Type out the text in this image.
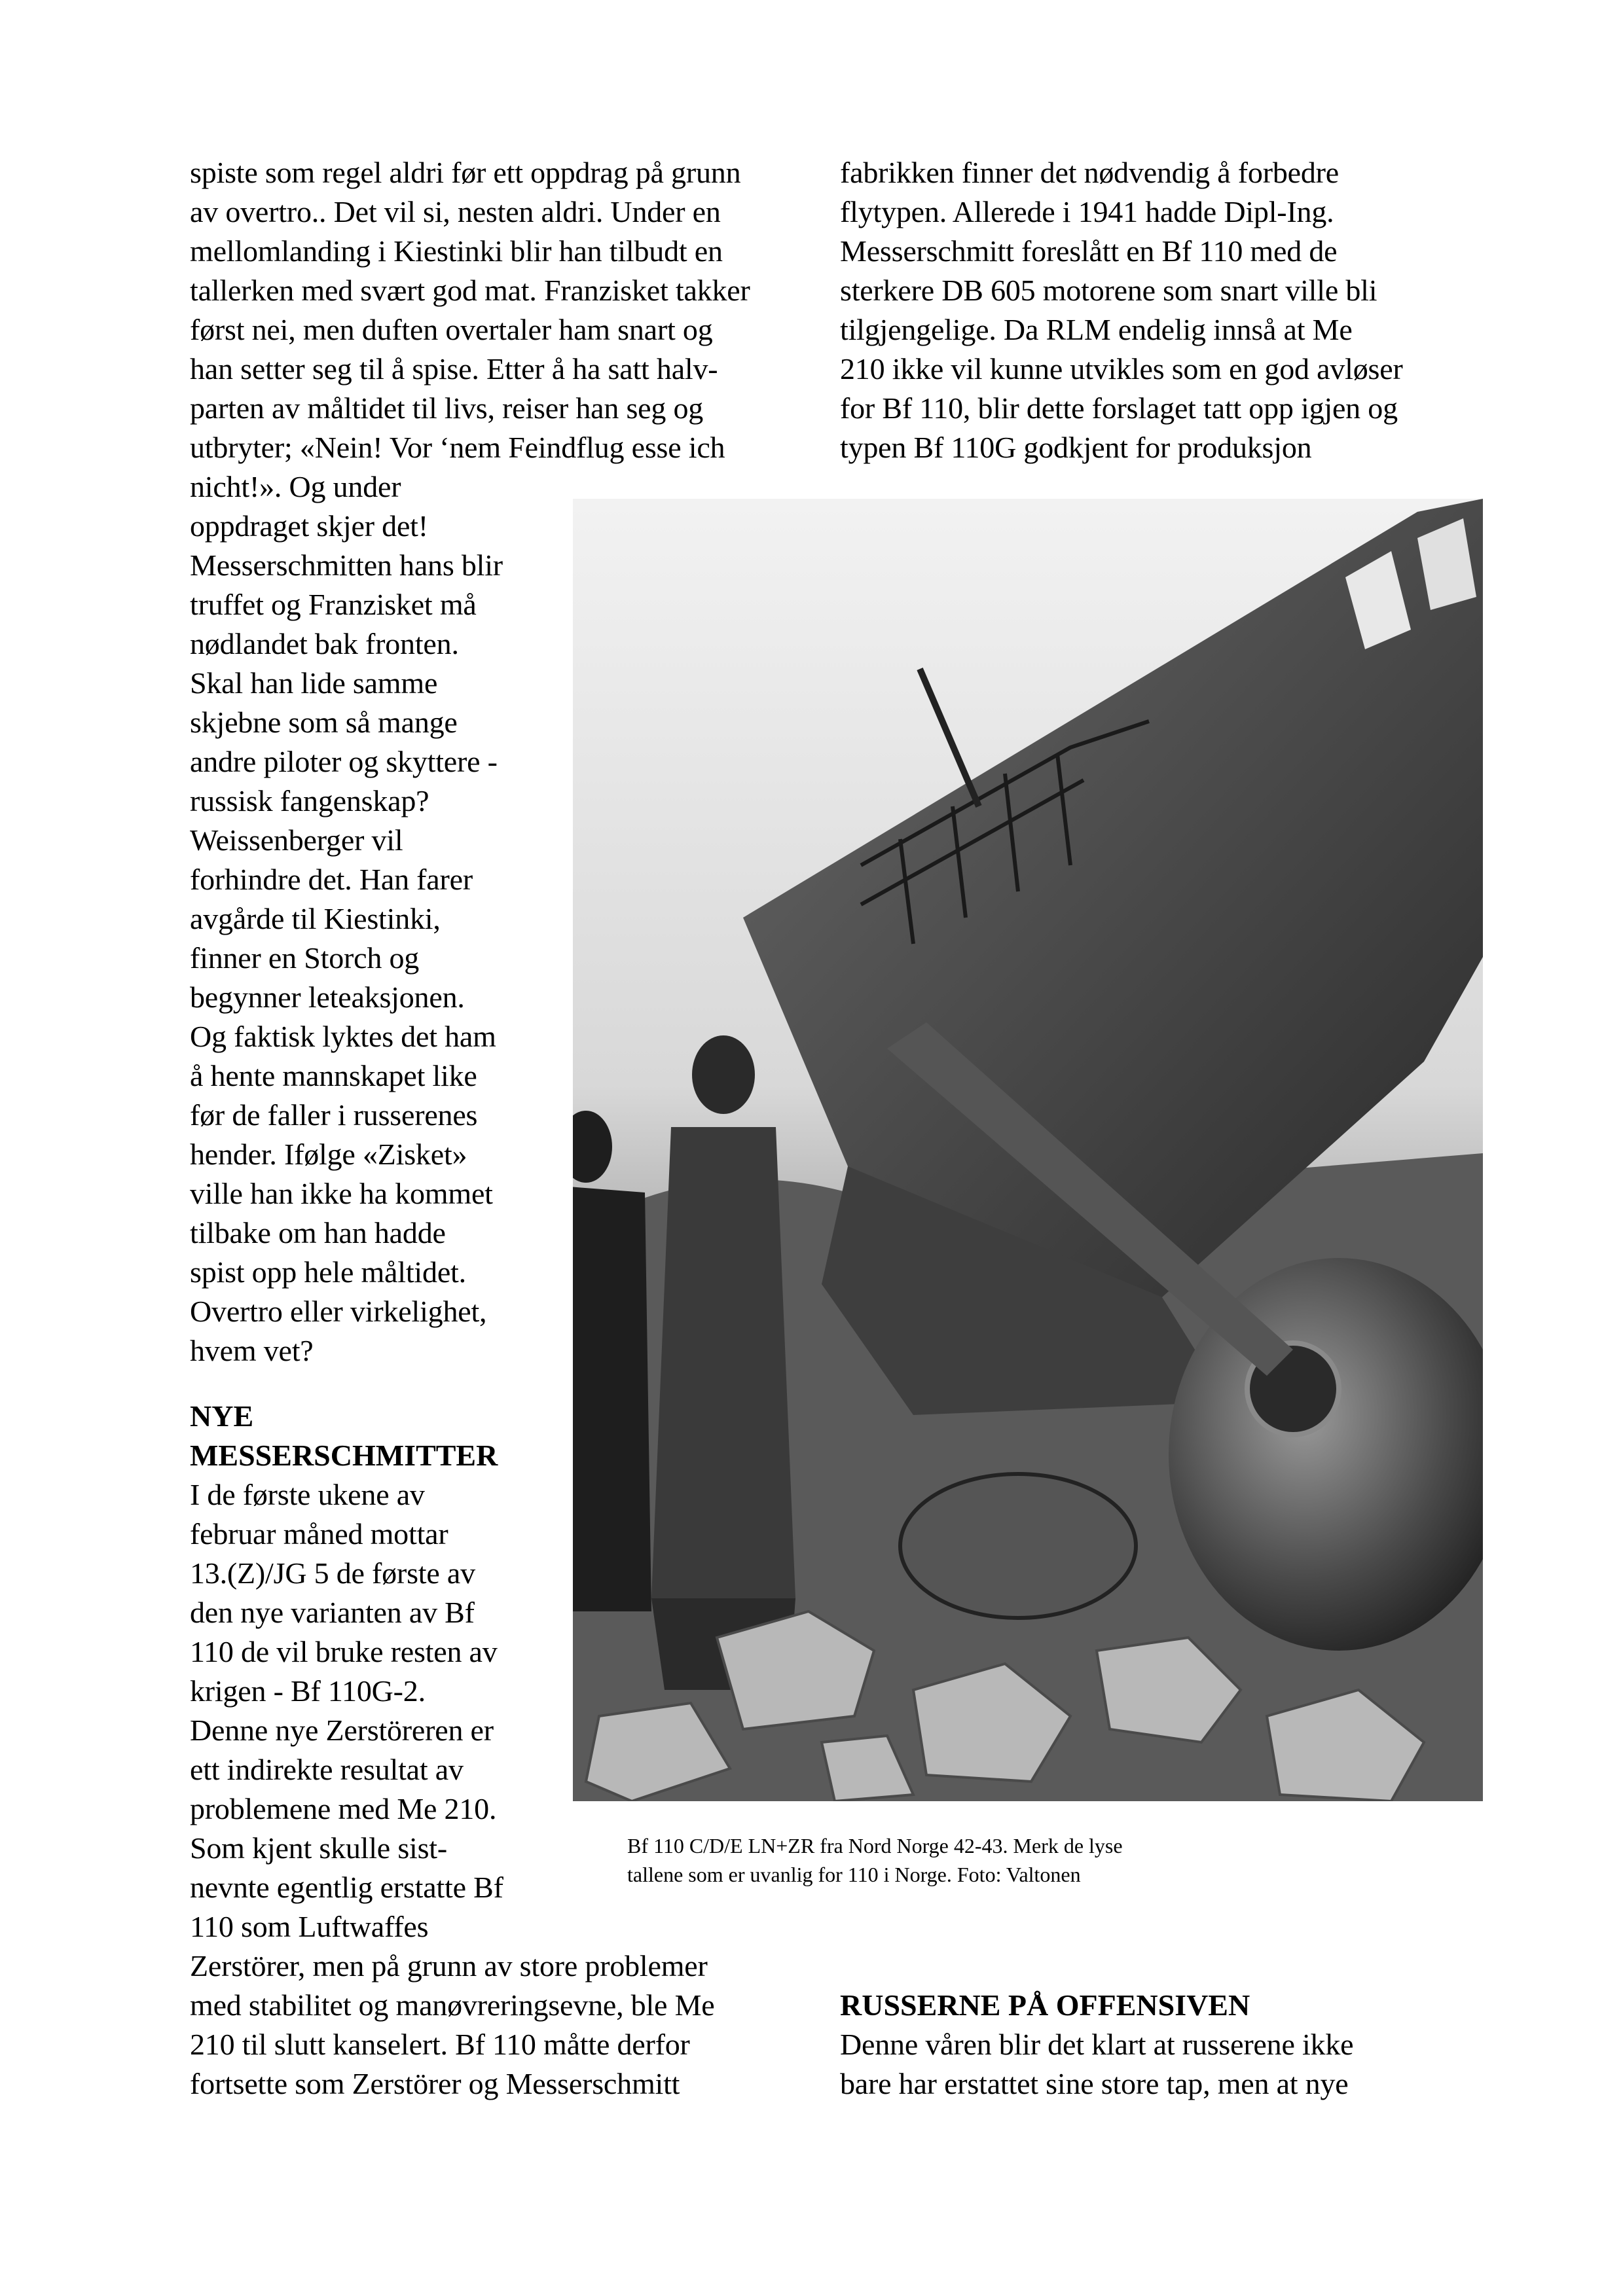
spiste som regel aldri før ett oppdrag på grunn
av overtro.. Det vil si, nesten aldri. Under en
mellomlanding i Kiestinki blir han tilbudt en
tallerken med svært god mat. Franzisket takker
først nei, men duften overtaler ham snart og
han setter seg til å spise. Etter å ha satt halv-
parten av måltidet til livs, reiser han seg og
utbryter; «Nein! Vor ‘nem Feindflug esse ich
nicht!». Og under
oppdraget skjer det!
Messerschmitten hans blir
truffet og Franzisket må
nødlandet bak fronten.
Skal han lide samme
skjebne som så mange
andre piloter og skyttere -
russisk fangenskap?
Weissenberger vil
forhindre det. Han farer
avgårde til Kiestinki,
finner en Storch og
begynner leteaksjonen.
Og faktisk lyktes det ham
å hente mannskapet like
før de faller i russerenes
hender. Ifølge «Zisket»
ville han ikke ha kommet
tilbake om han hadde
spist opp hele måltidet.
Overtro eller virkelighet,
hvem vet?
NYE
MESSERSCHMITTER
I de første ukene av
februar måned mottar
13.(Z)/JG 5 de første av
den nye varianten av Bf
110 de vil bruke resten av
krigen - Bf 110G-2.
Denne nye Zerstöreren er
ett indirekte resultat av
problemene med Me 210.
Som kjent skulle sist-
nevnte egentlig erstatte Bf
110 som Luftwaffes
Zerstörer, men på grunn av store problemer
med stabilitet og manøvreringsevne, ble Me
210 til slutt kanselert. Bf 110 måtte derfor
fortsette som Zerstörer og Messerschmitt
fabrikken finner det nødvendig å forbedre
flytypen. Allerede i 1941 hadde Dipl-Ing.
Messerschmitt foreslått en Bf 110 med de
sterkere DB 605 motorene som snart ville bli
tilgjengelige. Da RLM endelig innså at Me
210 ikke vil kunne utvikles som en god avløser
for Bf 110, blir dette forslaget tatt opp igjen og
typen Bf 110G godkjent for produksjon
Bf 110 C/D/E LN+ZR fra Nord Norge 42-43. Merk de lyse
tallene som er uvanlig for 110 i Norge. Foto: Valtonen
RUSSERNE PÅ OFFENSIVEN
Denne våren blir det klart at russerene ikke
bare har erstattet sine store tap, men at nye
